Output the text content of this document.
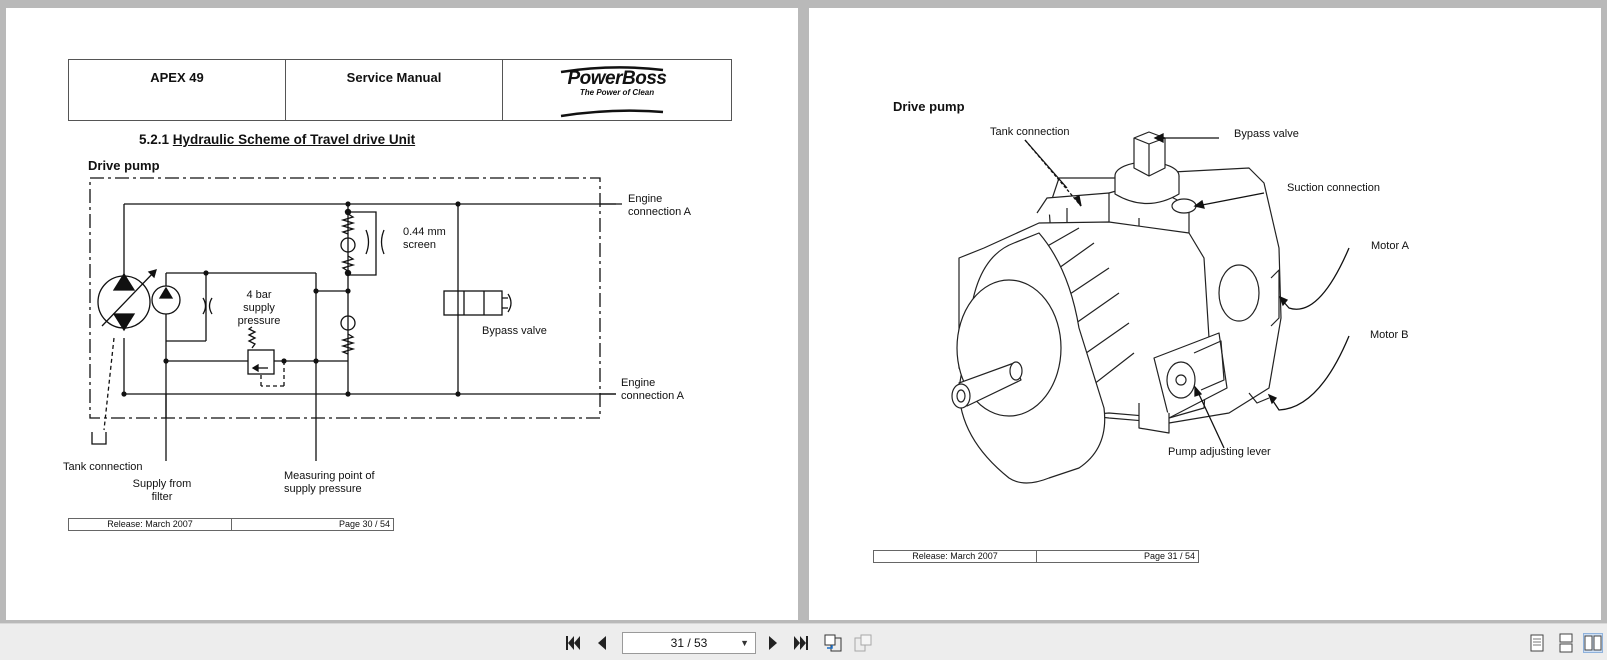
APEX 49	Service Manual	PowerBoss
The Power of Clean
5.2.1 Hydraulic Scheme of Travel drive Unit
Drive pump
Engine
connection A
0.44 mm
screen
4 bar
supply
pressure
Bypass valve
Engine
connection A
Tank connection
Supply from
filter
Measuring point of
supply pressure
Release: March 2007	Page 30 / 54
Drive pump
Tank connection	Bypass valve
Suction connection
Motor A
Motor B
Pump adjusting lever
Release: March 2007	Page 31 / 54
31 / 53	▼
